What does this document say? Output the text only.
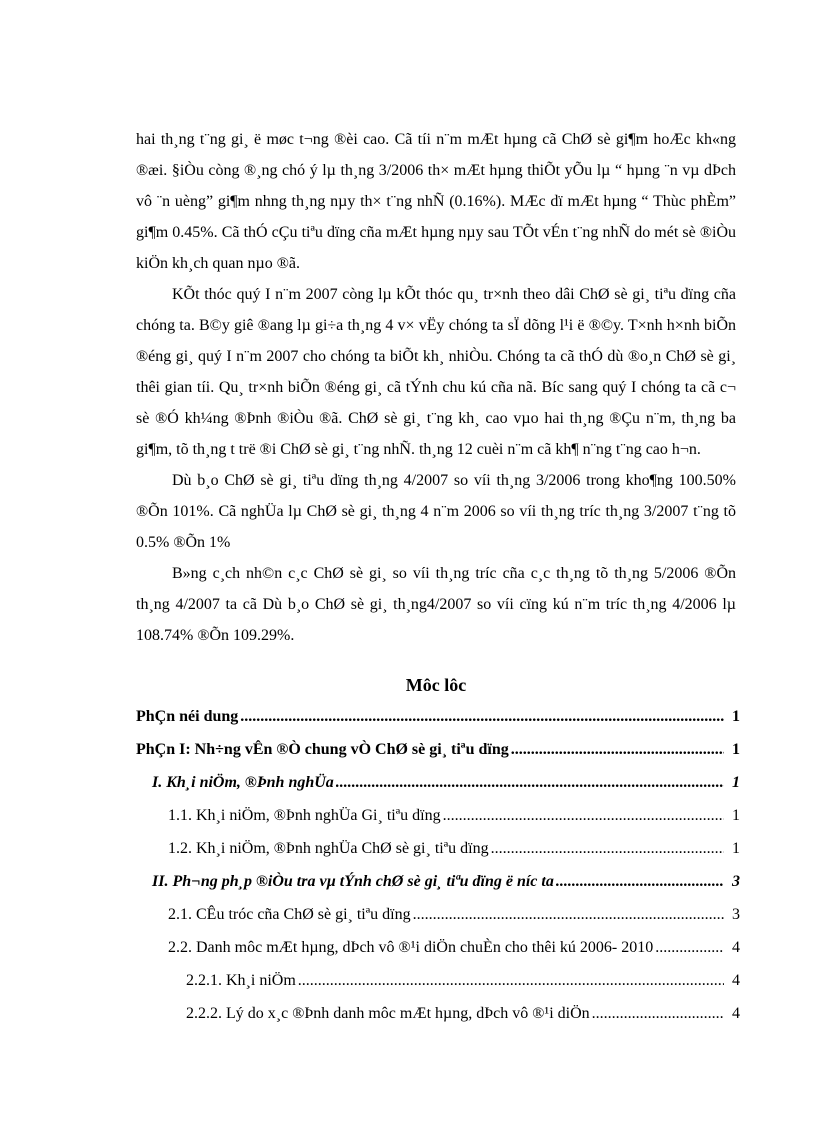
hai th¸ng t¨ng gi¸ ë møc t¬ng ®èi cao. Cã tíi n¨m mÆt hµng cã ChØ sè gi¶m hoÆc kh«ng ®æi. §iÒu còng ®¸ng chó ý lµ th¸ng 3/2006 th× mÆt hµng thiÕt yÕu lµ “ hµng ¨n vµ dÞch vô ¨n uèng” gi¶m nhng th¸ng nµy th× t¨ng nhÑ (0.16%). MÆc dï mÆt hµng “ Thùc phÈm” gi¶m 0.45%. Cã thÓ cÇu tiªu dïng cña mÆt hµng nµy sau TÕt vÉn t¨ng nhÑ do mét sè ®iÒu kiÖn kh¸ch quan nµo ®ã.

KÕt thóc quý I n¨m 2007 còng lµ kÕt thóc qu¸ tr×nh theo dâi ChØ sè gi¸ tiªu dïng cña chóng ta. B©y giê ®ang lµ gi÷a th¸ng 4 v× vËy chóng ta sÏ dõng l¹i ë ®©y. T×nh h×nh biÕn ®éng gi¸ quý I n¨m 2007 cho chóng ta biÕt kh¸ nhiÒu. Chóng ta cã thÓ dù ®o¸n ChØ sè gi¸ thêi gian tíi. Qu¸ tr×nh biÕn ®éng gi¸ cã tÝnh chu kú cña nã. Bíc sang quý I chóng ta cã c¬ sè ®Ó kh¼ng ®Þnh ®iÒu ®ã. ChØ sè gi¸ t¨ng kh¸ cao vµo hai th¸ng ®Çu n¨m, th¸ng ba gi¶m, tõ th¸ng t trë ®i ChØ sè gi¸ t¨ng nhÑ. th¸ng 12 cuèi n¨m cã kh¶ n¨ng t¨ng cao h¬n.

Dù b¸o ChØ sè gi¸ tiªu dïng th¸ng 4/2007 so víi th¸ng 3/2006 trong kho¶ng 100.50% ®Õn 101%. Cã nghÜa lµ ChØ sè gi¸ th¸ng 4 n¨m 2006 so víi th¸ng tríc th¸ng 3/2007 t¨ng tõ 0.5% ®Õn 1%

B»ng c¸ch nh©n c¸c ChØ sè gi¸ so víi th¸ng tríc cña c¸c th¸ng tõ th¸ng 5/2006 ®Õn th¸ng 4/2007 ta cã Dù b¸o ChØ sè gi¸ th¸ng4/2007 so víi cïng kú n¨m tríc th¸ng 4/2006 lµ 108.74% ®Õn 109.29%.

Môc lôc
PhÇn néi dung .....	1
PhÇn I: Nh÷ng vÊn ®Ò chung vÒ ChØ sè gi¸ tiªu dïng .....	1
I. Kh¸i niÖm, ®Þnh nghÜa .....	1
1.1. Kh¸i niÖm, ®Þnh nghÜa Gi¸ tiªu dïng .....	1
1.2. Kh¸i niÖm, ®Þnh nghÜa ChØ sè gi¸ tiªu dïng .....	1
II. Ph¬ng ph¸p ®iÒu tra vµ tÝnh chØ sè gi¸ tiªu dïng ë níc ta .....	3
2.1. CÊu tróc cña ChØ sè gi¸ tiªu dïng .....	3
2.2. Danh môc mÆt hµng, dÞch vô ®¹i diÖn chuÈn cho thêi kú 2006- 2010 .....	4
2.2.1. Kh¸i niÖm .....	4
2.2.2. Lý do x¸c ®Þnh danh môc mÆt hµng, dÞch vô ®¹i diÖn .....	4
